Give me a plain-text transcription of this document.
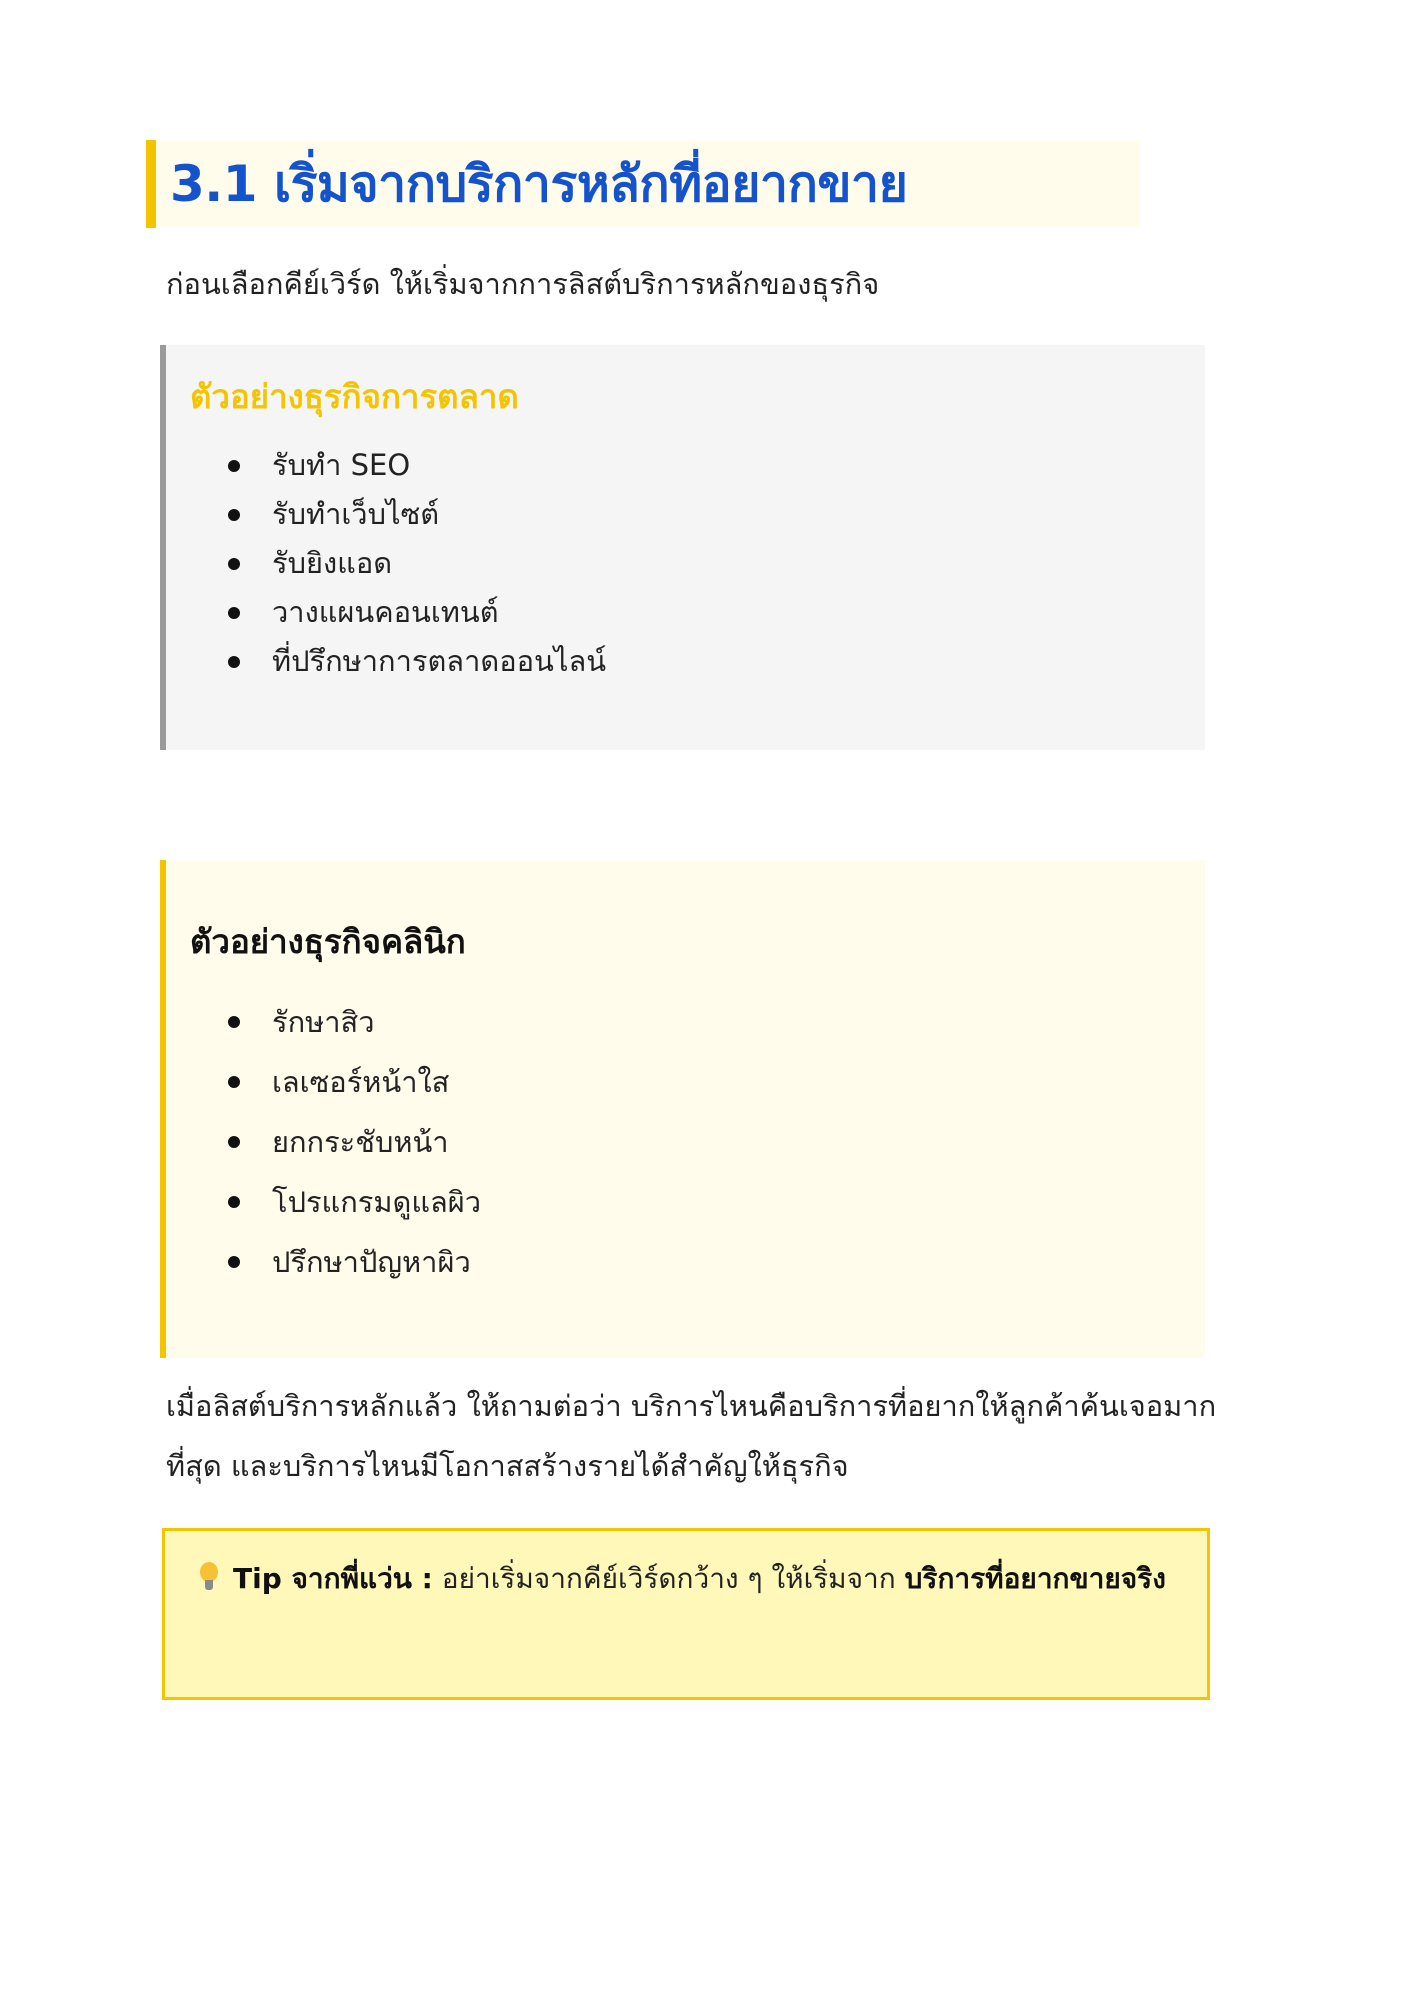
3.1 เริ่มจากบริการหลักที่อยากขาย

ก่อนเลือกคีย์เวิร์ด ให้เริ่มจากการลิสต์บริการหลักของธุรกิจ

ตัวอย่างธุรกิจการตลาด
รับทำ SEO
รับทำเว็บไซต์
รับยิงแอด
วางแผนคอนเทนต์
ที่ปรึกษาการตลาดออนไลน์
ตัวอย่างธุรกิจคลินิก
รักษาสิว
เลเซอร์หน้าใส
ยกกระชับหน้า
โปรแกรมดูแลผิว
ปรึกษาปัญหาผิว

เมื่อลิสต์บริการหลักแล้ว ให้ถามต่อว่า บริการไหนคือบริการที่อยากให้ลูกค้าค้นเจอมากที่สุด และบริการไหนมีโอกาสสร้างรายได้สำคัญให้ธุรกิจ

Tip จากพี่แว่น : อย่าเริ่มจากคีย์เวิร์ดกว้าง ๆ ให้เริ่มจาก บริการที่อยากขายจริง
